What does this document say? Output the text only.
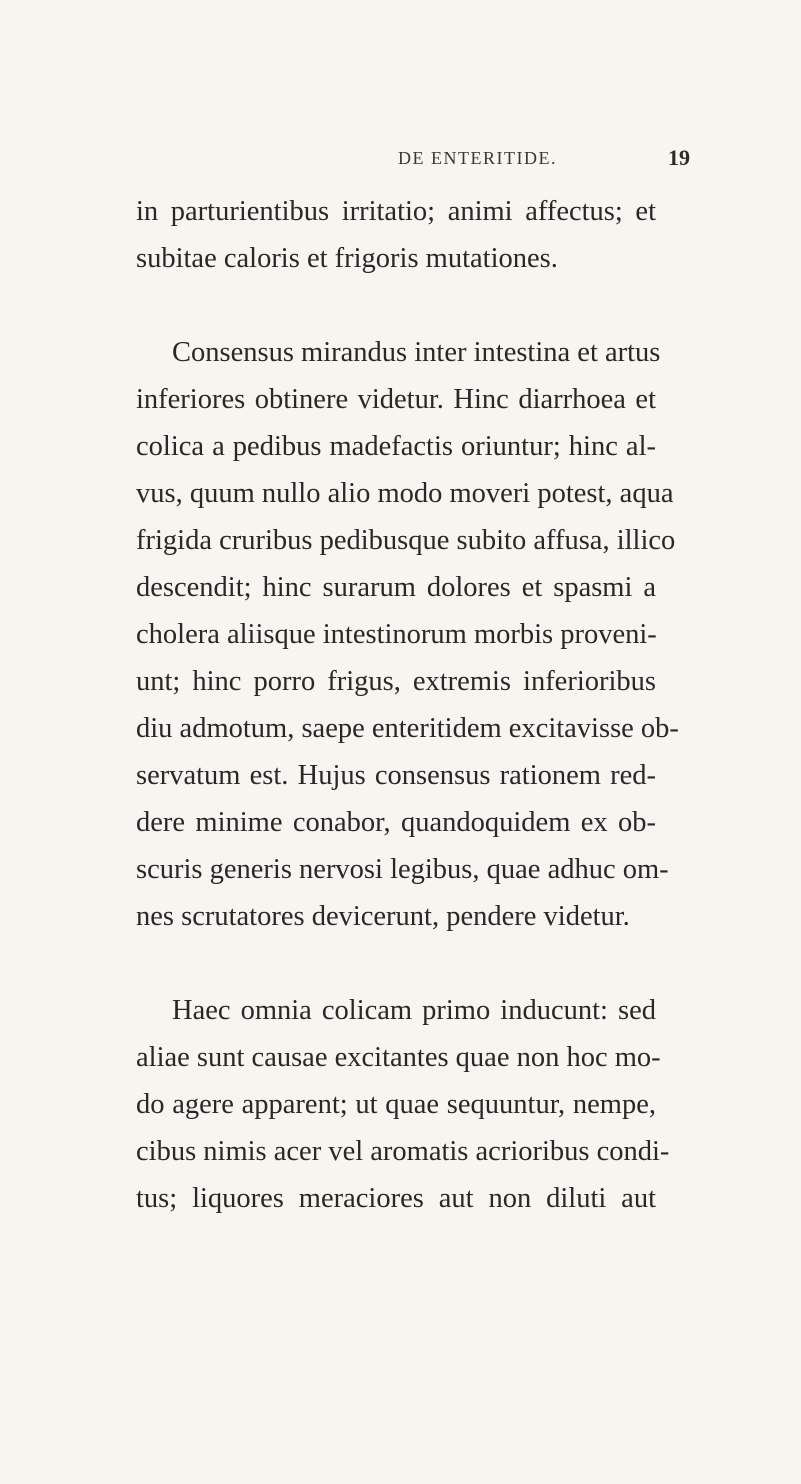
DE ENTERITIDE.	19
in parturientibus irritatio; animi affectus; et
subitae caloris et frigoris mutationes.
Consensus mirandus inter intestina et artus
inferiores obtinere videtur. Hinc diarrhoea et
colica a pedibus madefactis oriuntur; hinc al-
vus, quum nullo alio modo moveri potest, aqua
frigida cruribus pedibusque subito affusa, illico
descendit; hinc surarum dolores et spasmi a
cholera aliisque intestinorum morbis proveni-
unt; hinc porro frigus, extremis inferioribus
diu admotum, saepe enteritidem excitavisse ob-
servatum est. Hujus consensus rationem red-
dere minime conabor, quandoquidem ex ob-
scuris generis nervosi legibus, quae adhuc om-
nes scrutatores devicerunt, pendere videtur.
Haec omnia colicam primo inducunt: sed
aliae sunt causae excitantes quae non hoc mo-
do agere apparent; ut quae sequuntur, nempe,
cibus nimis acer vel aromatis acrioribus condi-
tus; liquores meraciores aut non diluti aut
